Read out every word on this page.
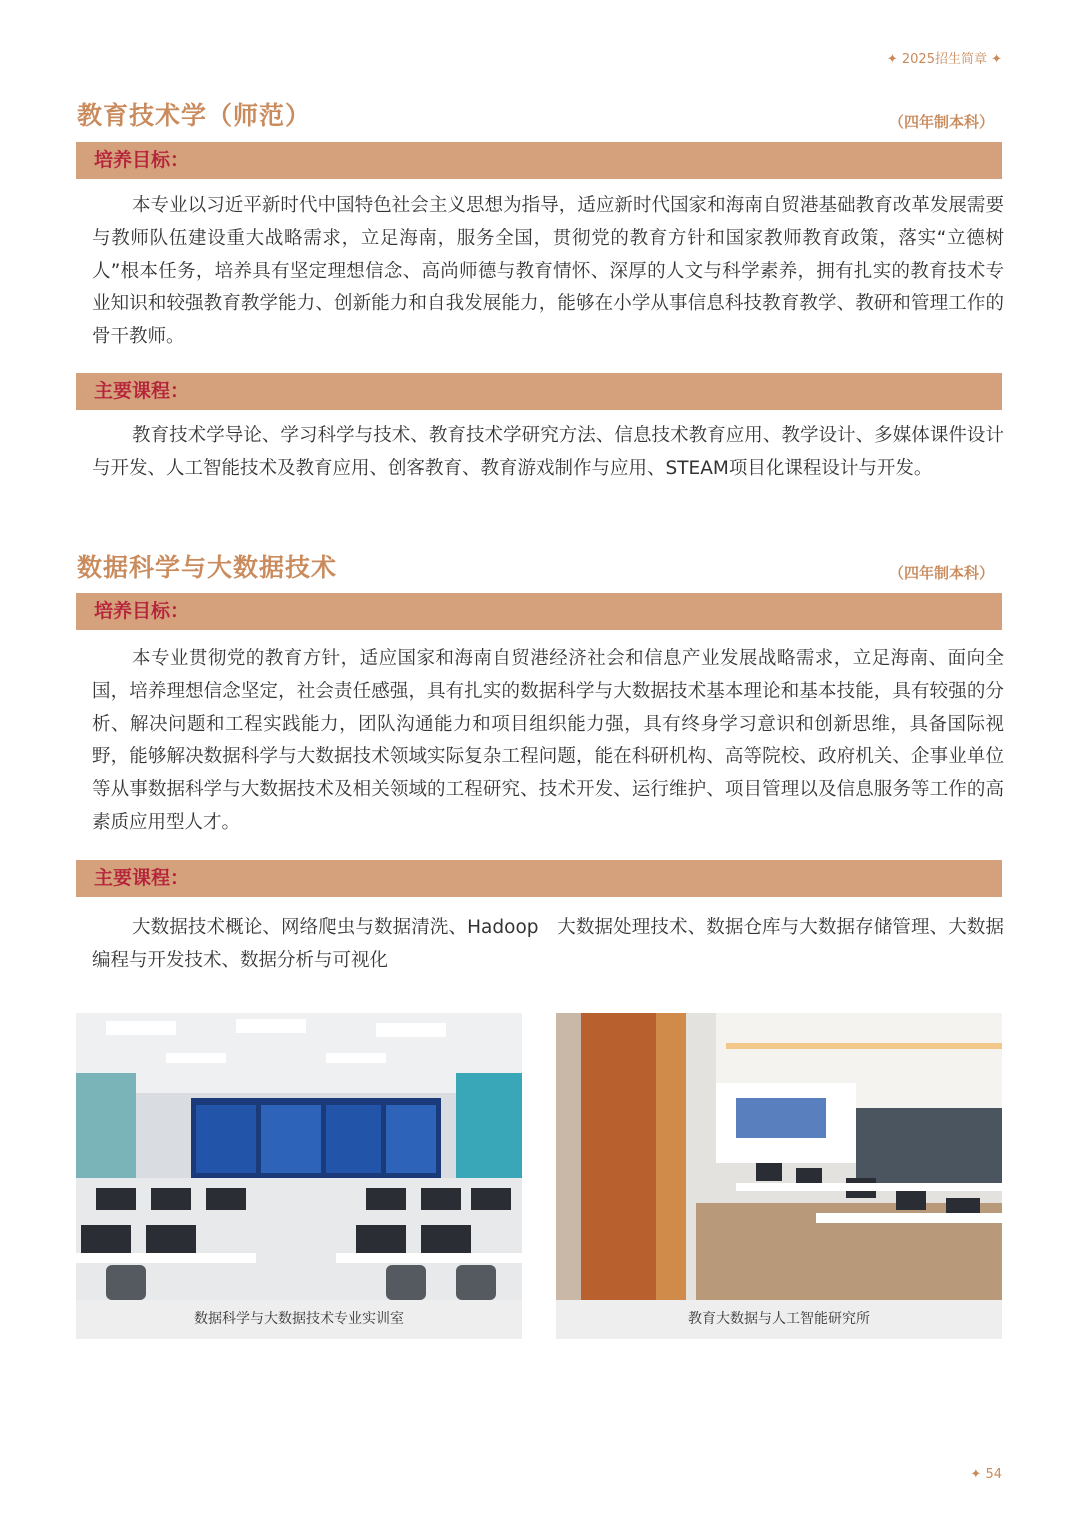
✦ 2025招生简章 ✦
教育技术学（师范）	（四年制本科）
培养目标：

本专业以习近平新时代中国特色社会主义思想为指导，适应新时代国家和海南自贸港基础教育改革发展需要与教师队伍建设重大战略需求，立足海南，服务全国，贯彻党的教育方针和国家教师教育政策，落实“立德树人”根本任务，培养具有坚定理想信念、高尚师德与教育情怀、深厚的人文与科学素养，拥有扎实的教育技术专业知识和较强教育教学能力、创新能力和自我发展能力，能够在小学从事信息科技教育教学、教研和管理工作的骨干教师。

主要课程：

教育技术学导论、学习科学与技术、教育技术学研究方法、信息技术教育应用、教学设计、多媒体课件设计与开发、人工智能技术及教育应用、创客教育、教育游戏制作与应用、STEAM项目化课程设计与开发。

数据科学与大数据技术	（四年制本科）
培养目标：

本专业贯彻党的教育方针，适应国家和海南自贸港经济社会和信息产业发展战略需求，立足海南、面向全国，培养理想信念坚定，社会责任感强，具有扎实的数据科学与大数据技术基本理论和基本技能，具有较强的分析、解决问题和工程实践能力，团队沟通能力和项目组织能力强，具有终身学习意识和创新思维，具备国际视野，能够解决数据科学与大数据技术领域实际复杂工程问题，能在科研机构、高等院校、政府机关、企事业单位等从事数据科学与大数据技术及相关领域的工程研究、技术开发、运行维护、项目管理以及信息服务等工作的高素质应用型人才。

主要课程：

大数据技术概论、网络爬虫与数据清洗、Hadoop　大数据处理技术、数据仓库与大数据存储管理、大数据编程与开发技术、数据分析与可视化

数据科学与大数据技术专业实训室	教育大数据与人工智能研究所
✦ 54
